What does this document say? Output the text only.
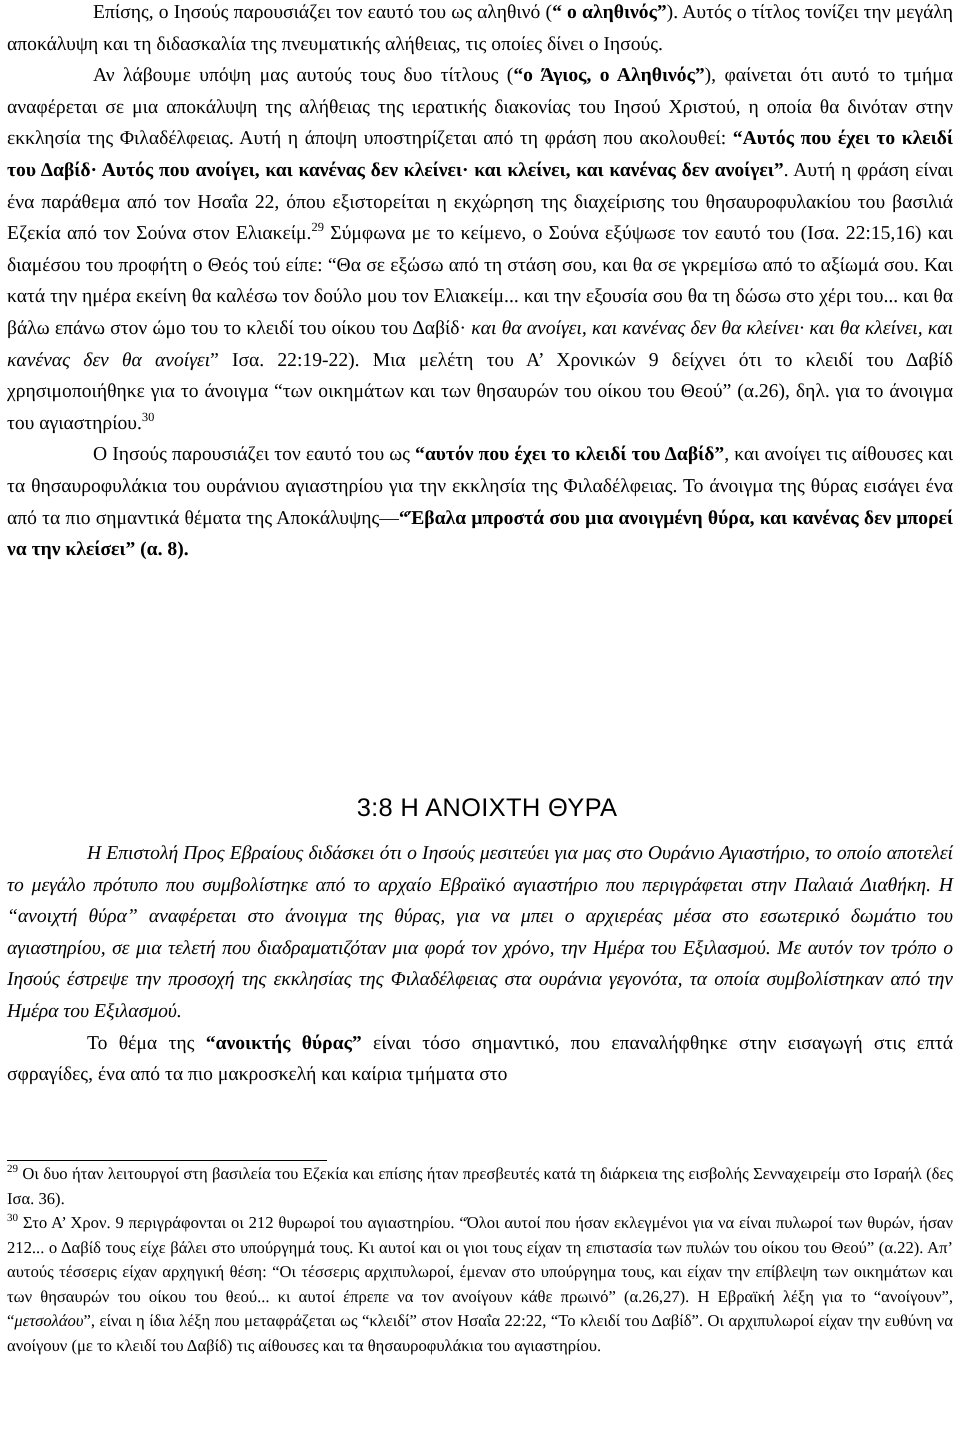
Επίσης, ο Ιησούς παρουσιάζει τον εαυτό του ως αληθινό (“ ο αληθινός”). Αυτός ο τίτλος τονίζει την μεγάλη αποκάλυψη και τη διδασκαλία της πνευματικής αλήθειας, τις οποίες δίνει ο Ιησούς.

Αν λάβουμε υπόψη μας αυτούς τους δυο τίτλους (“ο Άγιος, ο Αληθινός”), φαίνεται ότι αυτό το τμήμα αναφέρεται σε μια αποκάλυψη της αλήθειας της ιερατικής διακονίας του Ιησού Χριστού, η οποία θα δινόταν στην εκκλησία της Φιλαδέλφειας. Αυτή η άποψη υποστηρίζεται από τη φράση που ακολουθεί: “Αυτός που έχει το κλειδί του Δαβίδ· Αυτός που ανοίγει, και κανένας δεν κλείνει· και κλείνει, και κανένας δεν ανοίγει”. Αυτή η φράση είναι ένα παράθεμα από τον Ησαΐα 22, όπου εξιστορείται η εκχώρηση της διαχείρισης του θησαυροφυλακίου του βασιλιά Εζεκία από τον Σούνα στον Ελιακείμ.$^{29}$ Σύμφωνα με το κείμενο, ο Σούνα εξύψωσε τον εαυτό του (Ισα. 22:15,16) και διαμέσου του προφήτη ο Θεός τού είπε: “Θα σε εξώσω από τη στάση σου, και θα σε γκρεμίσω από το αξίωμά σου. Και κατά την ημέρα εκείνη θα καλέσω τον δούλο μου τον Ελιακείμ... και την εξουσία σου θα τη δώσω στο χέρι του... και θα βάλω επάνω στον ώμο του το κλειδί του οίκου του Δαβίδ· και θα ανοίγει, και κανένας δεν θα κλείνει· και θα κλείνει, και κανένας δεν θα ανοίγει” Ισα. 22:19-22). Μια μελέτη του Α’ Χρονικών 9 δείχνει ότι το κλειδί του Δαβίδ χρησιμοποιήθηκε για το άνοιγμα “των οικημάτων και των θησαυρών του οίκου του Θεού” (α.26), δηλ. για το άνοιγμα του αγιαστηρίου.$^{30}$

Ο Ιησούς παρουσιάζει τον εαυτό του ως “αυτόν που έχει το κλειδί του Δαβίδ”, και ανοίγει τις αίθουσες και τα θησαυροφυλάκια του ουράνιου αγιαστηρίου για την εκκλησία της Φιλαδέλφειας. Το άνοιγμα της θύρας εισάγει ένα από τα πιο σημαντικά θέματα της Αποκάλυψης—“Έβαλα μπροστά σου μια ανοιγμένη θύρα, και κανένας δεν μπορεί να την κλείσει” (α. 8).

3:8 Η ΑΝΟΙΧΤΗ ΘΥΡΑ

Η Επιστολή Προς Εβραίους διδάσκει ότι ο Ιησούς μεσιτεύει για μας στο Ουράνιο Αγιαστήριο, το οποίο αποτελεί το μεγάλο πρότυπο που συμβολίστηκε από το αρχαίο Εβραϊκό αγιαστήριο που περιγράφεται στην Παλαιά Διαθήκη. Η “ανοιχτή θύρα” αναφέρεται στο άνοιγμα της θύρας, για να μπει ο αρχιερέας μέσα στο εσωτερικό δωμάτιο του αγιαστηρίου, σε μια τελετή που διαδραματιζόταν μια φορά τον χρόνο, την Ημέρα του Εξιλασμού. Με αυτόν τον τρόπο ο Ιησούς έστρεψε την προσοχή της εκκλησίας της Φιλαδέλφειας στα ουράνια γεγονότα, τα οποία συμβολίστηκαν από την Ημέρα του Εξιλασμού.

Το θέμα της “ανοικτής θύρας” είναι τόσο σημαντικό, που επαναλήφθηκε στην εισαγωγή στις επτά σφραγίδες, ένα από τα πιο μακροσκελή και καίρια τμήματα στο

$^{29}$ Οι δυο ήταν λειτουργοί στη βασιλεία του Εζεκία και επίσης ήταν πρεσβευτές κατά τη διάρκεια της εισβολής Σενναχειρείμ στο Ισραήλ (δες Ισα. 36).

$^{30}$ Στο Α’ Χρον. 9 περιγράφονται οι 212 θυρωροί του αγιαστηρίου. “Όλοι αυτοί που ήσαν εκλεγμένοι για να είναι πυλωροί των θυρών, ήσαν 212... ο Δαβίδ τους είχε βάλει στο υπούργημά τους. Κι αυτοί και οι γιοι τους είχαν τη επιστασία των πυλών του οίκου του Θεού” (α.22). Απ’ αυτούς τέσσερις είχαν αρχηγική θέση: “Οι τέσσερις αρχιπυλωροί, έμεναν στο υπούργημα τους, και είχαν την επίβλεψη των οικημάτων και των θησαυρών του οίκου του θεού... κι αυτοί έπρεπε να τον ανοίγουν κάθε πρωινό” (α.26,27). Η Εβραϊκή λέξη για το “ανοίγουν”, “μετσολάου”, είναι η ίδια λέξη που μεταφράζεται ως “κλειδί” στον Ησαΐα 22:22, “Το κλειδί του Δαβίδ”. Οι αρχιπυλωροί είχαν την ευθύνη να ανοίγουν (με το κλειδί του Δαβίδ) τις αίθουσες και τα θησαυροφυλάκια του αγιαστηρίου.
